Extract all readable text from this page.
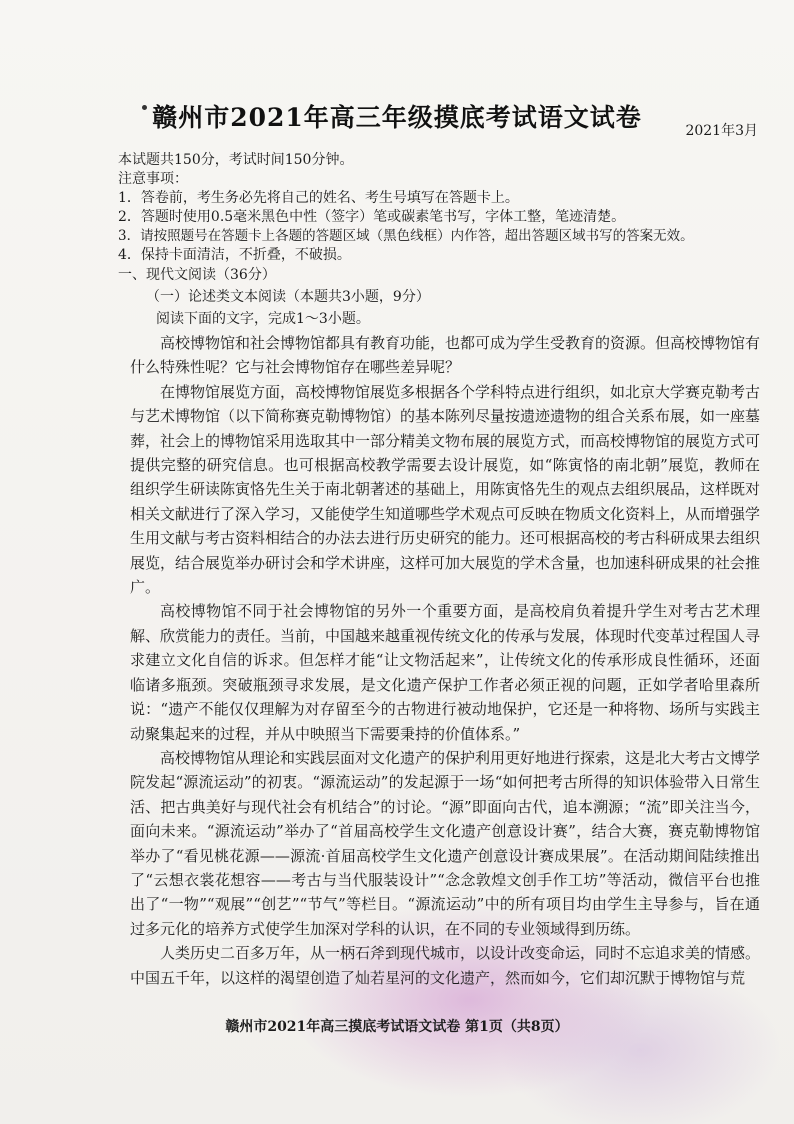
赣州市2021年高三年级摸底考试语文试卷	2021年3月
本试题共150分，考试时间150分钟。
注意事项：
1．答卷前，考生务必先将自己的姓名、考生号填写在答题卡上。
2．答题时使用0.5毫米黑色中性（签字）笔或碳素笔书写，字体工整，笔迹清楚。
3．请按照题号在答题卡上各题的答题区域（黑色线框）内作答，超出答题区域书写的答案无效。
4．保持卡面清洁，不折叠，不破损。
一、现代文阅读（36分）
（一）论述类文本阅读（本题共3小题，9分）
阅读下面的文字，完成1～3小题。

高校博物馆和社会博物馆都具有教育功能，也都可成为学生受教育的资源。但高校博物馆有什么特殊性呢？它与社会博物馆存在哪些差异呢？

在博物馆展览方面，高校博物馆展览多根据各个学科特点进行组织，如北京大学赛克勒考古与艺术博物馆（以下简称赛克勒博物馆）的基本陈列尽量按遗迹遗物的组合关系布展，如一座墓葬，社会上的博物馆采用选取其中一部分精美文物布展的展览方式，而高校博物馆的展览方式可提供完整的研究信息。也可根据高校教学需要去设计展览，如“陈寅恪的南北朝”展览，教师在组织学生研读陈寅恪先生关于南北朝著述的基础上，用陈寅恪先生的观点去组织展品，这样既对相关文献进行了深入学习，又能使学生知道哪些学术观点可反映在物质文化资料上，从而增强学生用文献与考古资料相结合的办法去进行历史研究的能力。还可根据高校的考古科研成果去组织展览，结合展览举办研讨会和学术讲座，这样可加大展览的学术含量，也加速科研成果的社会推广。

高校博物馆不同于社会博物馆的另外一个重要方面，是高校肩负着提升学生对考古艺术理解、欣赏能力的责任。当前，中国越来越重视传统文化的传承与发展，体现时代变革过程国人寻求建立文化自信的诉求。但怎样才能“让文物活起来”，让传统文化的传承形成良性循环，还面临诸多瓶颈。突破瓶颈寻求发展，是文化遗产保护工作者必须正视的问题，正如学者哈里森所说：“遗产不能仅仅理解为对存留至今的古物进行被动地保护，它还是一种将物、场所与实践主动聚集起来的过程，并从中映照当下需要秉持的价值体系。”

高校博物馆从理论和实践层面对文化遗产的保护利用更好地进行探索，这是北大考古文博学院发起“源流运动”的初衷。“源流运动”的发起源于一场“如何把考古所得的知识体验带入日常生活、把古典美好与现代社会有机结合”的讨论。“源”即面向古代，追本溯源；“流”即关注当今，面向未来。“源流运动”举办了“首届高校学生文化遗产创意设计赛”，结合大赛，赛克勒博物馆举办了“看见桃花源——源流·首届高校学生文化遗产创意设计赛成果展”。在活动期间陆续推出了“云想衣裳花想容——考古与当代服装设计”“念念敦煌文创手作工坊”等活动，微信平台也推出了“一物”“观展”“创艺”“节气”等栏目。“源流运动”中的所有项目均由学生主导参与，旨在通过多元化的培养方式使学生加深对学科的认识，在不同的专业领域得到历练。

人类历史二百多万年，从一柄石斧到现代城市，以设计改变命运，同时不忘追求美的情感。中国五千年，以这样的渴望创造了灿若星河的文化遗产，然而如今，它们却沉默于博物馆与荒

赣州市2021年高三摸底考试语文试卷 第1页（共8页）
